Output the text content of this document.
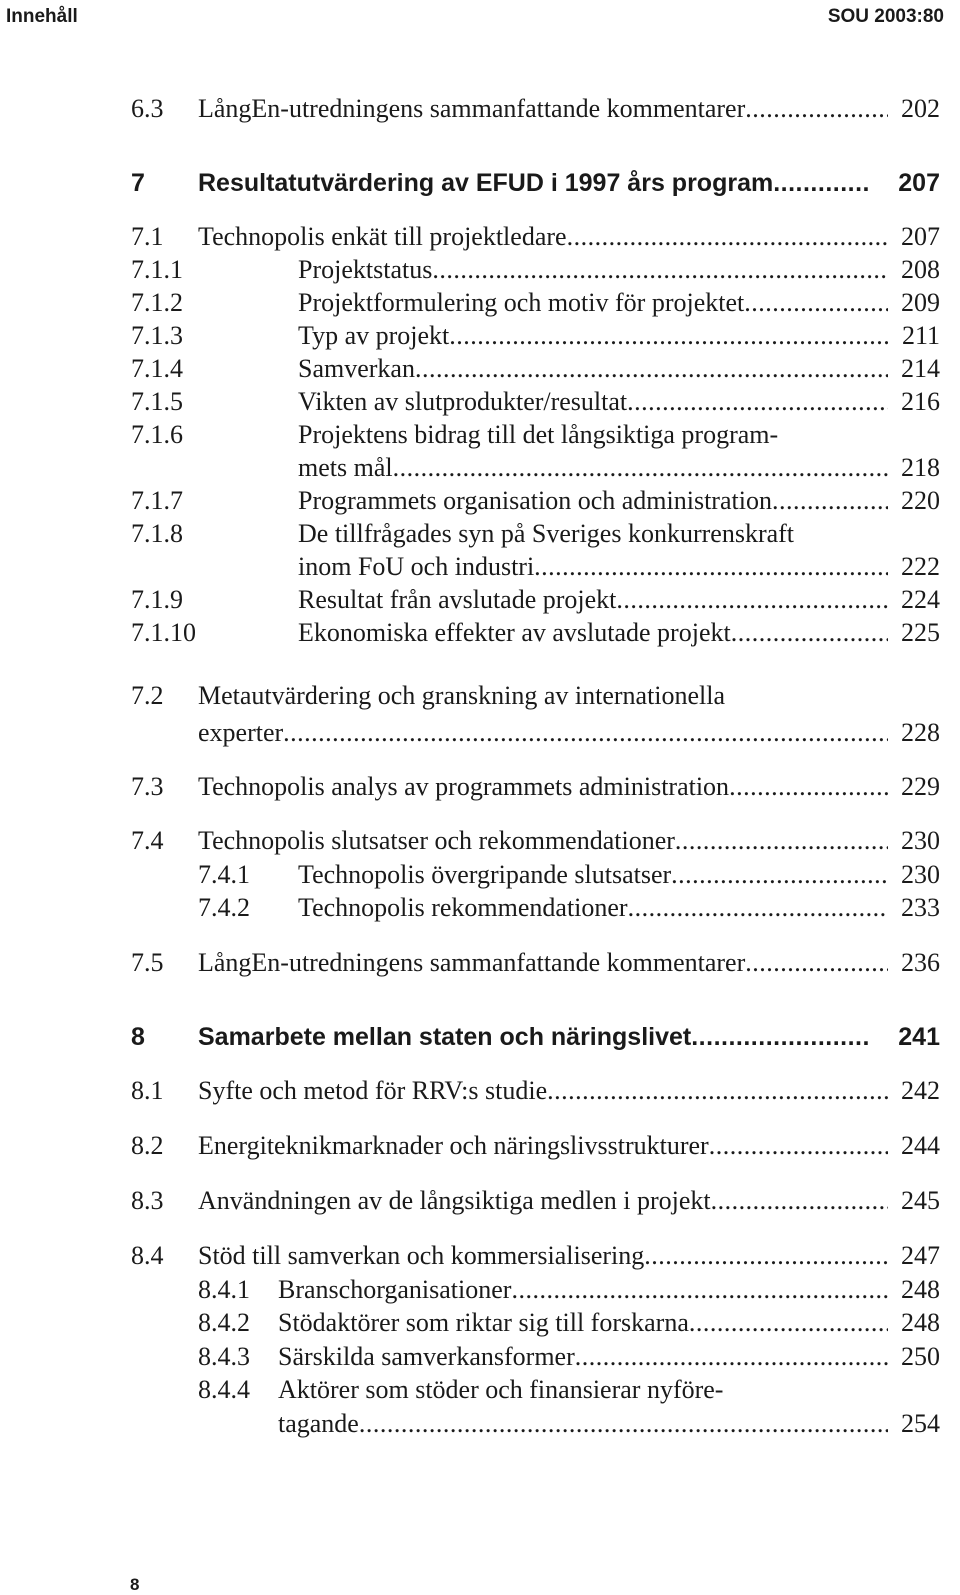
Innehåll	SOU 2003:80
6.3 LångEn-utredningens sammanfattande kommentarer .....	202
7 Resultatutvärdering av EFUD i 1997 års program .....	207
7.1 Technopolis enkät till projektledare .....	207
7.1.1	Projektstatus .....	208
7.1.2	Projektformulering och motiv för projektet .....	209
7.1.3	Typ av projekt .....	211
7.1.4	Samverkan .....	214
7.1.5	Vikten av slutprodukter/resultat .....	216
7.1.6	Projektens bidrag till det långsiktiga program-
mets mål .....	218
7.1.7	Programmets organisation och administration .....	220
7.1.8	De tillfrågades syn på Sveriges konkurrenskraft
inom FoU och industri .....	222
7.1.9	Resultat från avslutade projekt .....	224
7.1.10	Ekonomiska effekter av avslutade projekt .....	225
7.2 Metautvärdering och granskning av internationella
experter .....	228
7.3 Technopolis analys av programmets administration .....	229
7.4 Technopolis slutsatser och rekommendationer .....	230
7.4.1 Technopolis övergripande slutsatser .....	230
7.4.2 Technopolis rekommendationer .....	233
7.5 LångEn-utredningens sammanfattande kommentarer .....	236
8 Samarbete mellan staten och näringslivet .....	241
8.1 Syfte och metod för RRV:s studie .....	242
8.2 Energiteknikmarknader och näringslivsstrukturer .....	244
8.3 Användningen av de långsiktiga medlen i projekt .....	245
8.4 Stöd till samverkan och kommersialisering .....	247
8.4.1 Branschorganisationer .....	248
8.4.2 Stödaktörer som riktar sig till forskarna .....	248
8.4.3 Särskilda samverkansformer .....	250
8.4.4 Aktörer som stöder och finansierar nyföre-
tagande .....	254
8
